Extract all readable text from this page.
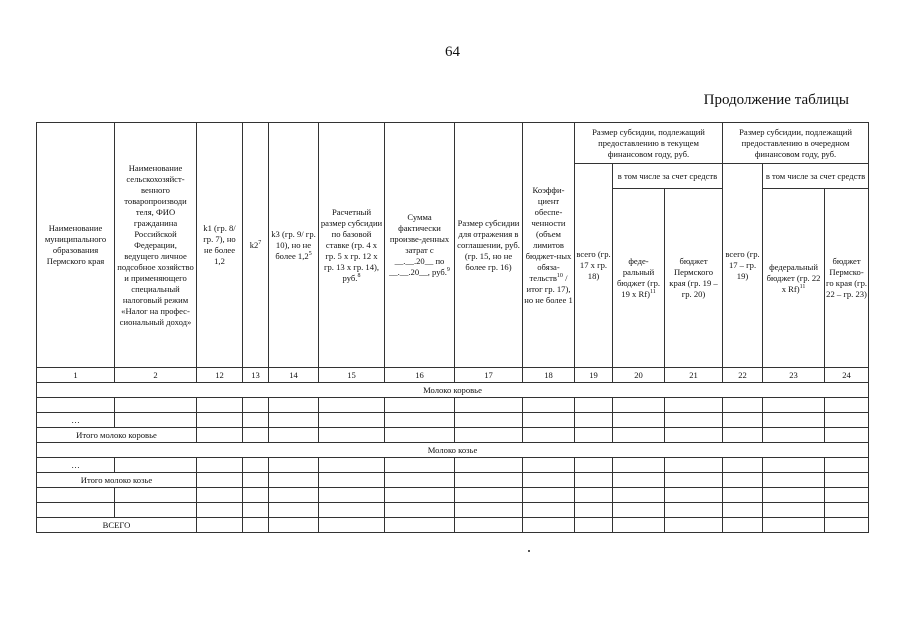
64
Продолжение таблицы
Наименование муниципального образования Пермского края	Наименование сельскохозяйст-венного товаропроизводи теля, ФИО гражданина Российской Федерации, ведущего личное подсобное хозяйство и применяющего специальный налоговый режим «Налог на профес-сиональный доход»	k1 (гр. 8/ гр. 7), но не более 1,2	$k2^7$	k3 (гр. 9/ гр. 10), но не более $1,2^5$	Расчетный размер субсидии по базовой ставке (гр. 4 х гр. 5 х гр. 12 х гр. 13 х гр. 14), руб.$^8$	Сумма фактически произве-денных затрат с __.__.20__ по __.__.20__, руб.$^9$	Размер субсидии для отражения в соглашении, руб. (гр. 15, но не более гр. 16)	Коэффи-циент обеспе-ченности (объем лимитов бюджет-ных обяза-тельств$^{10}$ / итог гр. 17), но не более 1	Размер субсидии, подлежащий предоставлению в текущем финансовом году, руб.			Размер субсидии, подлежащий предоставлению в очередном финансовом году, руб.		
									всего (гр. 17 х гр. 18)	в том числе за счет средств		всего (гр. 17 – гр. 19)	в том числе за счет средств	
										феде-ральный бюджет (гр. 19 х Rf)$^{11}$	бюджет Пермского края (гр. 19 – гр. 20)		федеральный бюджет (гр. 22 х Rf)$^{11}$	бюджет Пермско-го края (гр. 22 – гр. 23)
1	2	12	13	14	15	16	17	18	19	20	21	22	23	24
Молоко коровье														

…														
Итого молоко коровье														
Молоко козье														
…														
Итого молоко козье														

ВСЕГО														
